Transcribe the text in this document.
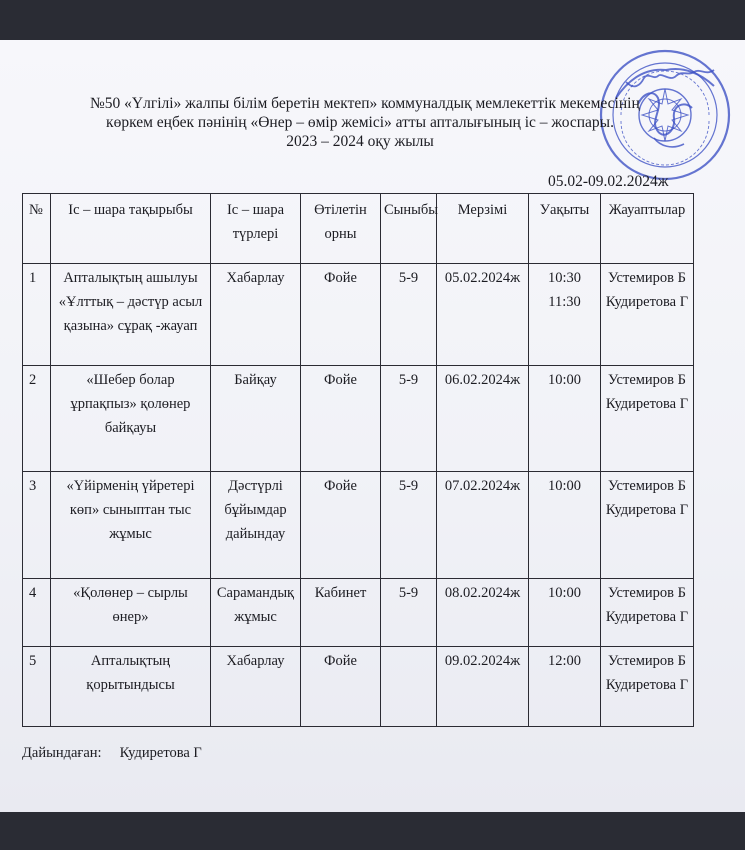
№50 «Үлгілі» жалпы білім беретін мектеп» коммуналдық мемлекеттік мекемесінің
көркем еңбек пәнінің «Өнер – өмір жемісі» атты апталығының іс – жоспары.
2023 – 2024 оқу жылы
05.02-09.02.2024ж
№	Іс – шара тақырыбы	Іс – шара түрлері	Өтілетін орны	Сыныбы	Мерзімі	Уақыты	Жауаптылар
1	Апталықтың ашылуы «Ұлттық – дәстүр асыл қазына» сұрақ -жауап	Хабарлау	Фойе	5-9	05.02.2024ж	10:30 11:30	Устемиров Б Кудиретова Г
2	«Шебер болар ұрпақпыз» қолөнер байқауы	Байқау	Фойе	5-9	06.02.2024ж	10:00	Устемиров Б Кудиретова Г
3	«Үйірменің үйретері көп» сыныптан тыс жұмыс	Дәстүрлі бұйымдар дайындау	Фойе	5-9	07.02.2024ж	10:00	Устемиров Б Кудиретова Г
4	«Қолөнер – сырлы өнер»	Сарамандық жұмыс	Кабинет	5-9	08.02.2024ж	10:00	Устемиров Б Кудиретова Г
5	Апталықтың қорытындысы	Хабарлау	Фойе		09.02.2024ж	12:00	Устемиров Б Кудиретова Г
Дайындаған: Кудиретова Г
